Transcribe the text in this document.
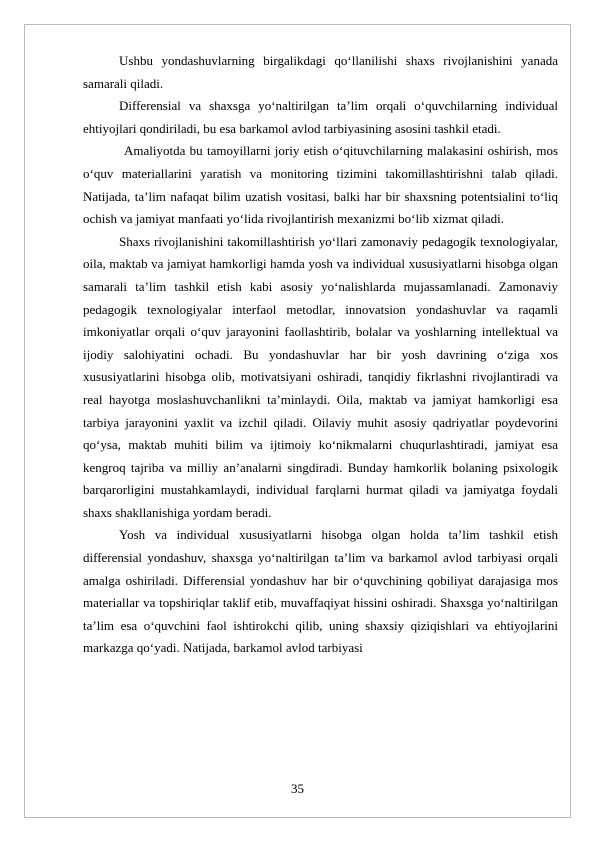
Ushbu yondashuvlarning birgalikdagi qo‘llanilishi shaxs rivojlanishini yanada samarali qiladi.

Differensial va shaxsga yo‘naltirilgan ta’lim orqali o‘quvchilarning individual ehtiyojlari qondiriladi, bu esa barkamol avlod tarbiyasining asosini tashkil etadi.

Amaliyotda bu tamoyillarni joriy etish o‘qituvchilarning malakasini oshirish, mos o‘quv materiallarini yaratish va monitoring tizimini takomillashtirishni talab qiladi. Natijada, ta’lim nafaqat bilim uzatish vositasi, balki har bir shaxsning potentsialini to‘liq ochish va jamiyat manfaati yo‘lida rivojlantirish mexanizmi bo‘lib xizmat qiladi.

Shaxs rivojlanishini takomillashtirish yo‘llari zamonaviy pedagogik texnologiyalar, oila, maktab va jamiyat hamkorligi hamda yosh va individual xususiyatlarni hisobga olgan samarali ta’lim tashkil etish kabi asosiy yo‘nalishlarda mujassamlanadi. Zamonaviy pedagogik texnologiyalar interfaol metodlar, innovatsion yondashuvlar va raqamli imkoniyatlar orqali o‘quv jarayonini faollashtirib, bolalar va yoshlarning intellektual va ijodiy salohiyatini ochadi. Bu yondashuvlar har bir yosh davrining o‘ziga xos xususiyatlarini hisobga olib, motivatsiyani oshiradi, tanqidiy fikrlashni rivojlantiradi va real hayotga moslashuvchanlikni ta’minlaydi. Oila, maktab va jamiyat hamkorligi esa tarbiya jarayonini yaxlit va izchil qiladi. Oilaviy muhit asosiy qadriyatlar poydevorini qo‘ysa, maktab muhiti bilim va ijtimoiy ko‘nikmalarni chuqurlashtiradi, jamiyat esa kengroq tajriba va milliy an’analarni singdiradi. Bunday hamkorlik bolaning psixologik barqarorligini mustahkamlaydi, individual farqlarni hurmat qiladi va jamiyatga foydali shaxs shakllanishiga yordam beradi.

Yosh va individual xususiyatlarni hisobga olgan holda ta’lim tashkil etish differensial yondashuv, shaxsga yo‘naltirilgan ta’lim va barkamol avlod tarbiyasi orqali amalga oshiriladi. Differensial yondashuv har bir o‘quvchining qobiliyat darajasiga mos materiallar va topshiriqlar taklif etib, muvaffaqiyat hissini oshiradi. Shaxsga yo‘naltirilgan ta’lim esa o‘quvchini faol ishtirokchi qilib, uning shaxsiy qiziqishlari va ehtiyojlarini markazga qo‘yadi. Natijada, barkamol avlod tarbiyasi

35
